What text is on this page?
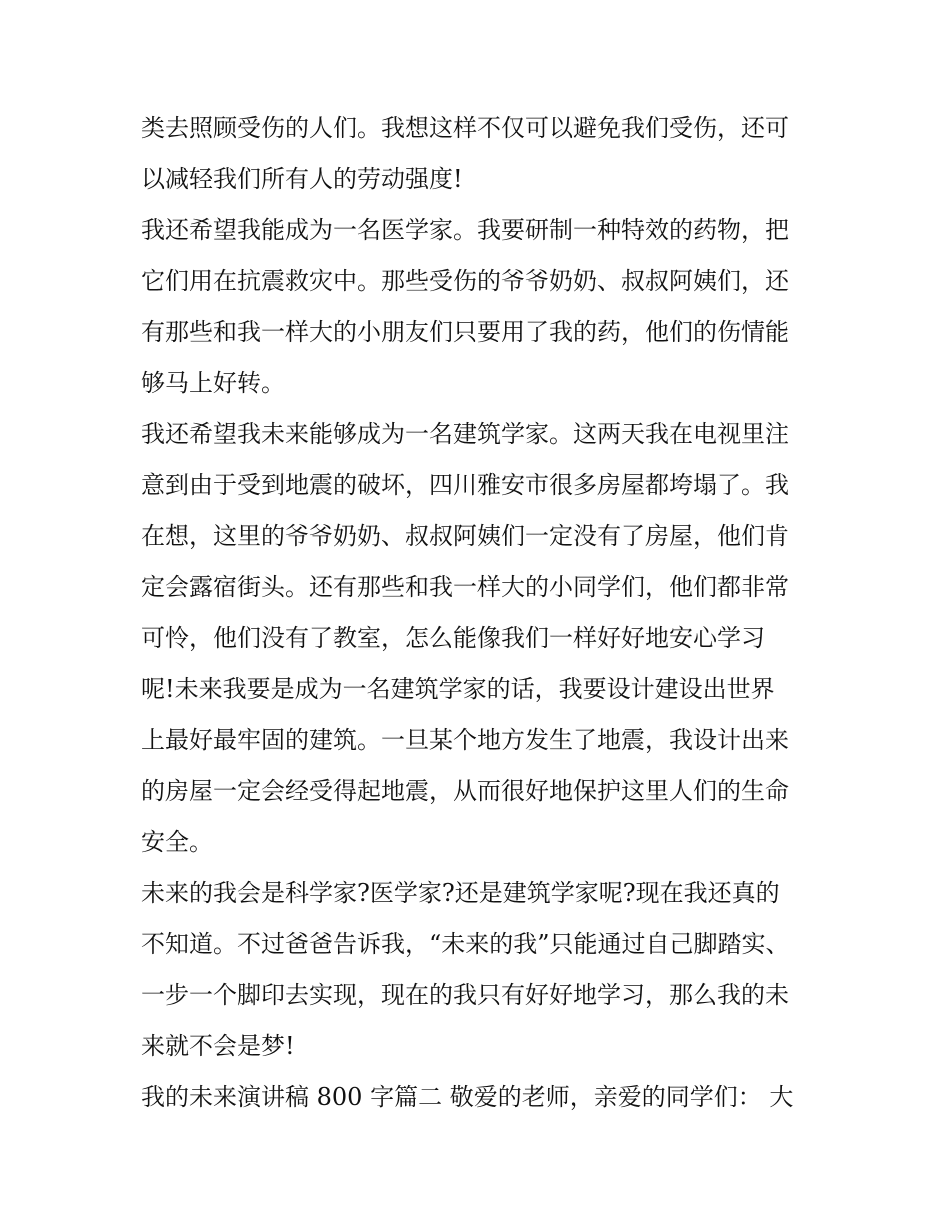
类去照顾受伤的人们。我想这样不仅可以避免我们受伤，还可
以减轻我们所有人的劳动强度!
我还希望我能成为一名医学家。我要研制一种特效的药物，把
它们用在抗震救灾中。那些受伤的爷爷奶奶、叔叔阿姨们，还
有那些和我一样大的小朋友们只要用了我的药，他们的伤情能
够马上好转。
我还希望我未来能够成为一名建筑学家。这两天我在电视里注
意到由于受到地震的破坏，四川雅安市很多房屋都垮塌了。我
在想，这里的爷爷奶奶、叔叔阿姨们一定没有了房屋，他们肯
定会露宿街头。还有那些和我一样大的小同学们，他们都非常
可怜，他们没有了教室，怎么能像我们一样好好地安心学习
呢!未来我要是成为一名建筑学家的话，我要设计建设出世界
上最好最牢固的建筑。一旦某个地方发生了地震，我设计出来
的房屋一定会经受得起地震，从而很好地保护这里人们的生命
安全。
未来的我会是科学家?医学家?还是建筑学家呢?现在我还真的
不知道。不过爸爸告诉我，“未来的我”只能通过自己脚踏实、
一步一个脚印去实现，现在的我只有好好地学习，那么我的未
来就不会是梦!
我的未来演讲稿 800 字篇二 敬爱的老师，亲爱的同学们： 大
